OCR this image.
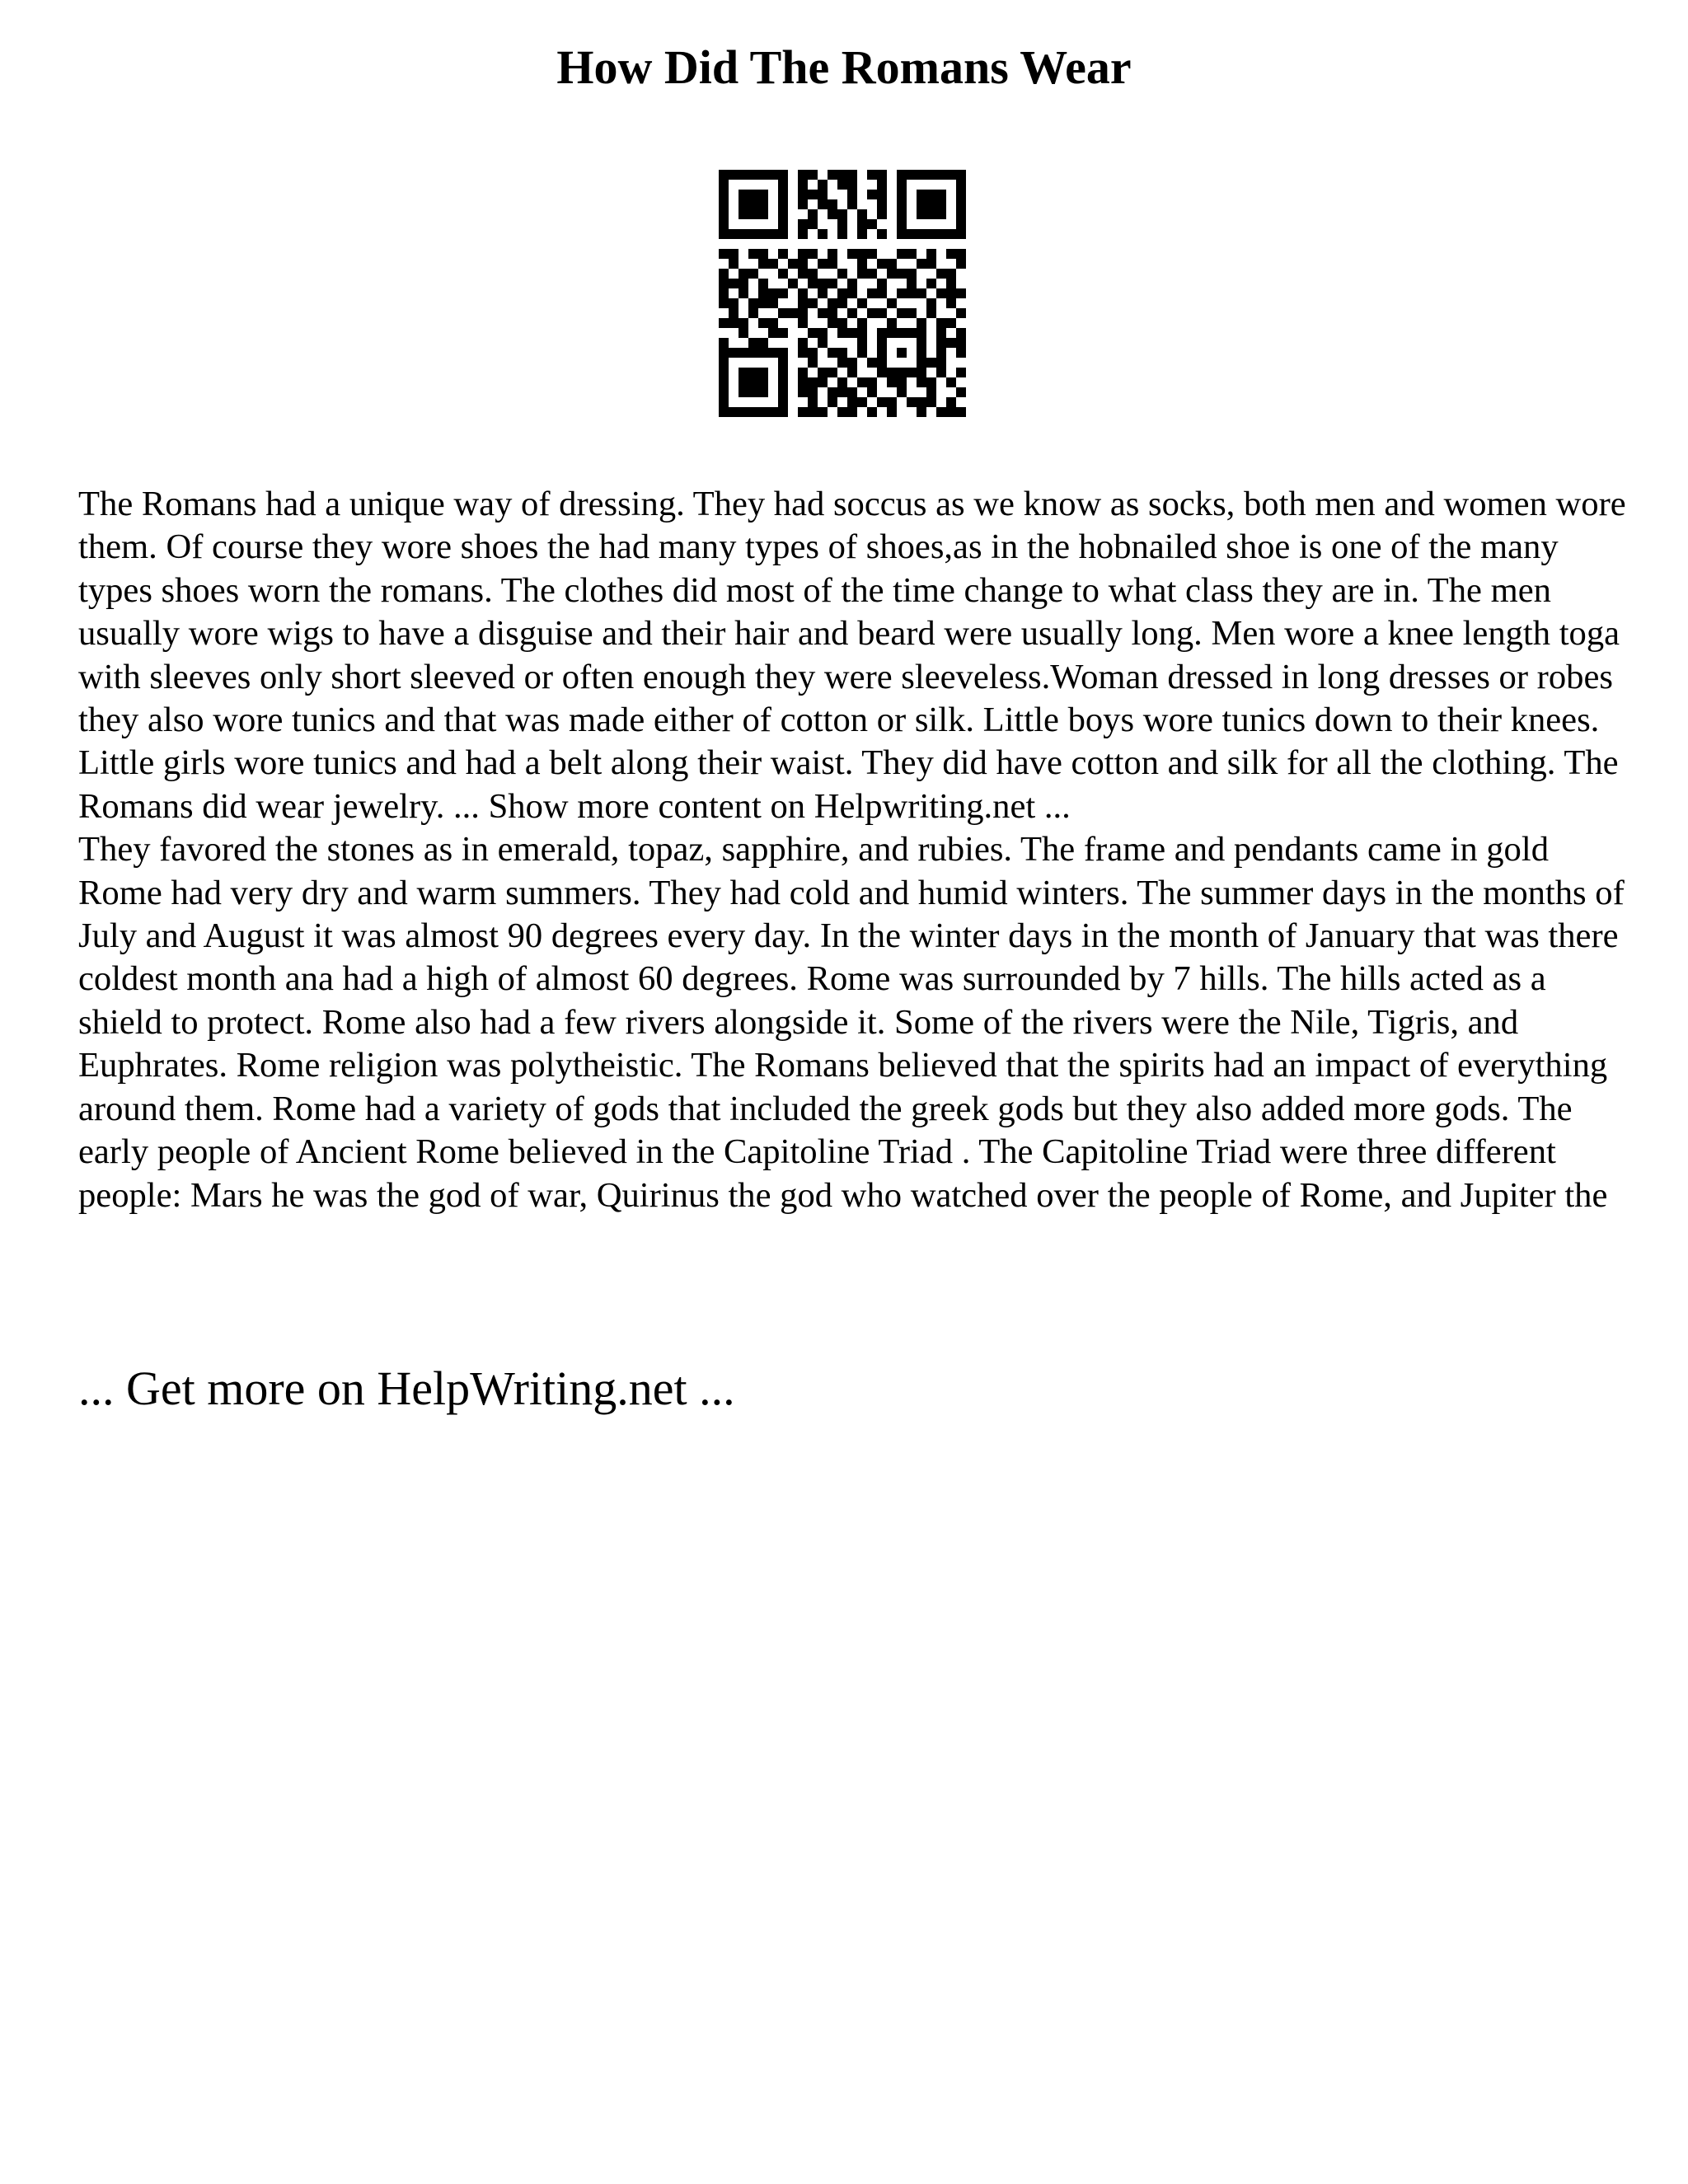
How Did The Romans Wear

The Romans had a unique way of dressing. They had soccus as we know as socks, both men and women wore them. Of course they wore shoes the had many types of shoes,as in the hobnailed shoe is one of the many types shoes worn the romans. The clothes did most of the time change to what class they are in. The men usually wore wigs to have a disguise and their hair and beard were usually long. Men wore a knee length toga with sleeves only short sleeved or often enough they were sleeveless.Woman dressed in long dresses or robes they also wore tunics and that was made either of cotton or silk. Little boys wore tunics down to their knees. Little girls wore tunics and had a belt along their waist. They did have cotton and silk for all the clothing. The Romans did wear jewelry. ... Show more content on Helpwriting.net ...

They favored the stones as in emerald, topaz, sapphire, and rubies. The frame and pendants came in gold Rome had very dry and warm summers. They had cold and humid winters. The summer days in the months of July and August it was almost 90 degrees every day. In the winter days in the month of January that was there coldest month ana had a high of almost 60 degrees. Rome was surrounded by 7 hills. The hills acted as a shield to protect. Rome also had a few rivers alongside it. Some of the rivers were the Nile, Tigris, and Euphrates. Rome religion was polytheistic. The Romans believed that the spirits had an impact of everything around them. Rome had a variety of gods that included the greek gods but they also added more gods. The early people of Ancient Rome believed in the Capitoline Triad . The Capitoline Triad were three different people: Mars he was the god of war, Quirinus the god who watched over the people of Rome, and Jupiter the

... Get more on HelpWriting.net ...
